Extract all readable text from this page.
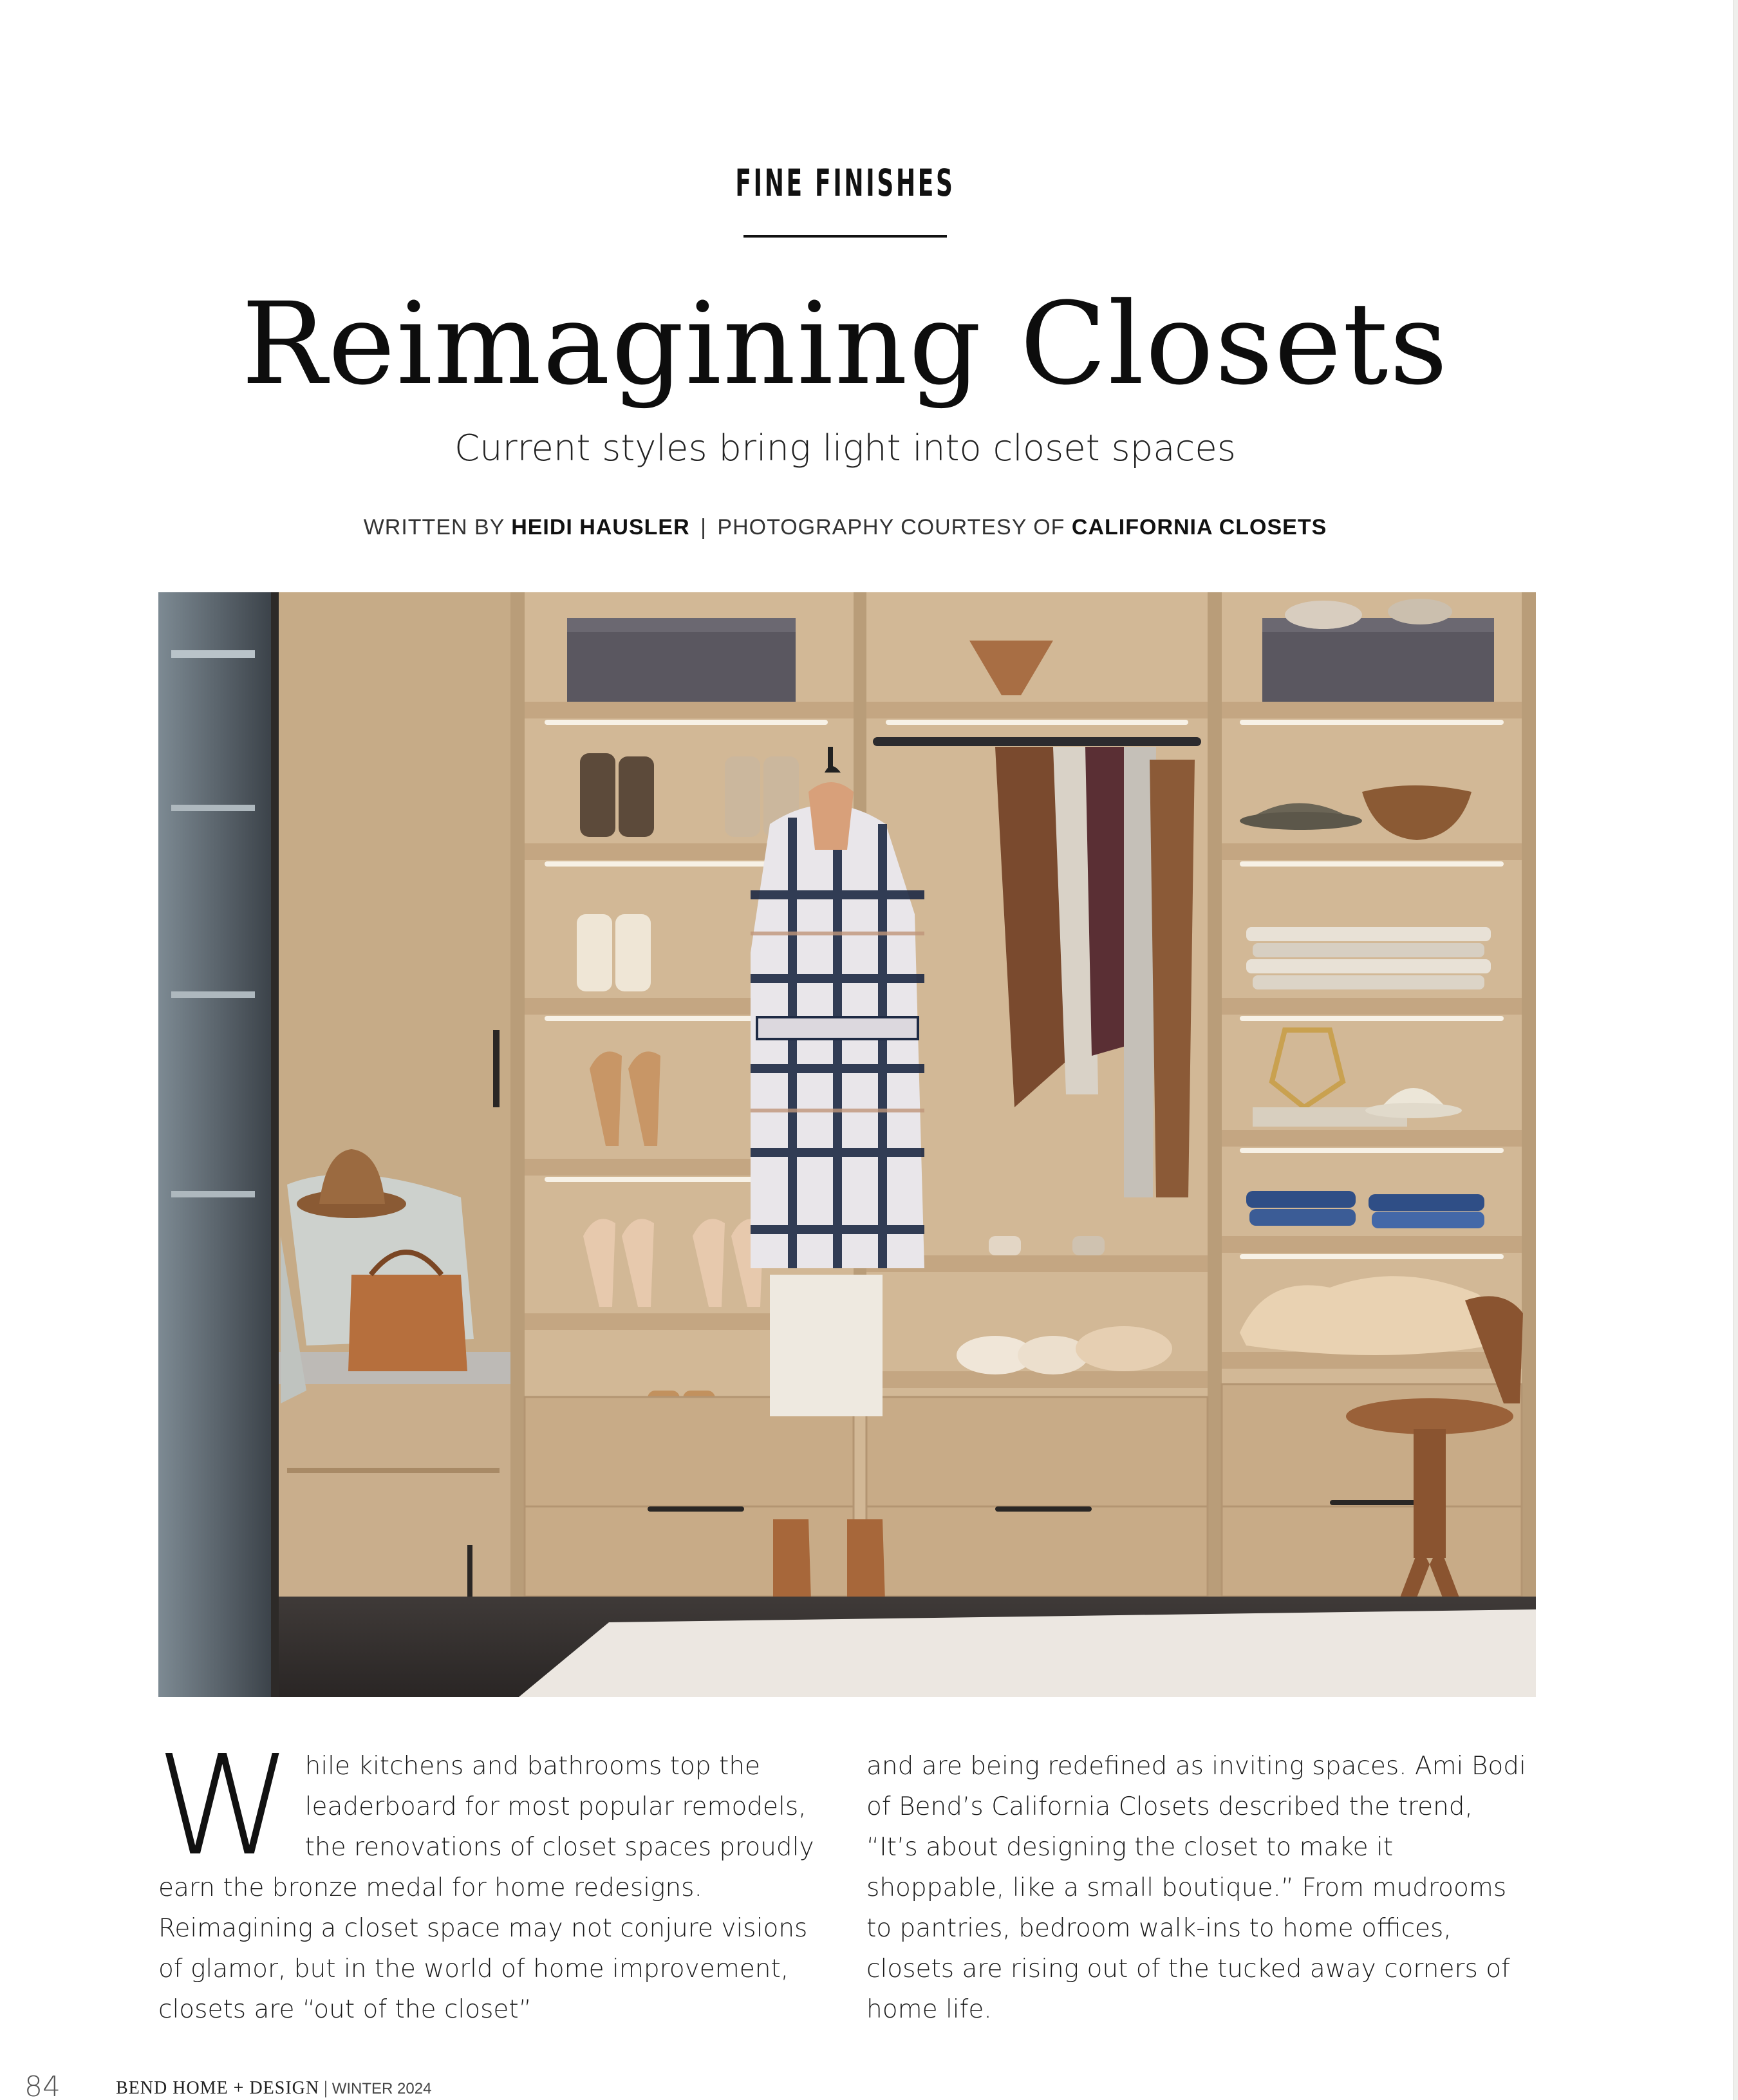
FINE FINISHES
Reimagining Closets
Current styles bring light into closet spaces
WRITTEN BY HEIDI HAUSLER | PHOTOGRAPHY COURTESY OF CALIFORNIA CLOSETS
While kitchens and bathrooms top the leaderboard for most popular remodels, the renovations of closet spaces proudly earn the bronze medal for home redesigns. Reimagining a closet space may not conjure visions of glamor, but in the world of home improvement, closets are “out of the closet”
and are being redefined as inviting spaces. Ami Bodi of Bend’s California Closets described the trend, “It’s about designing the closet to make it shoppable, like a small boutique.” From mudrooms to pantries, bedroom walk-ins to home offices, closets are rising out of the tucked away corners of home life.
84	BEND HOME + DESIGN | WINTER 2024
